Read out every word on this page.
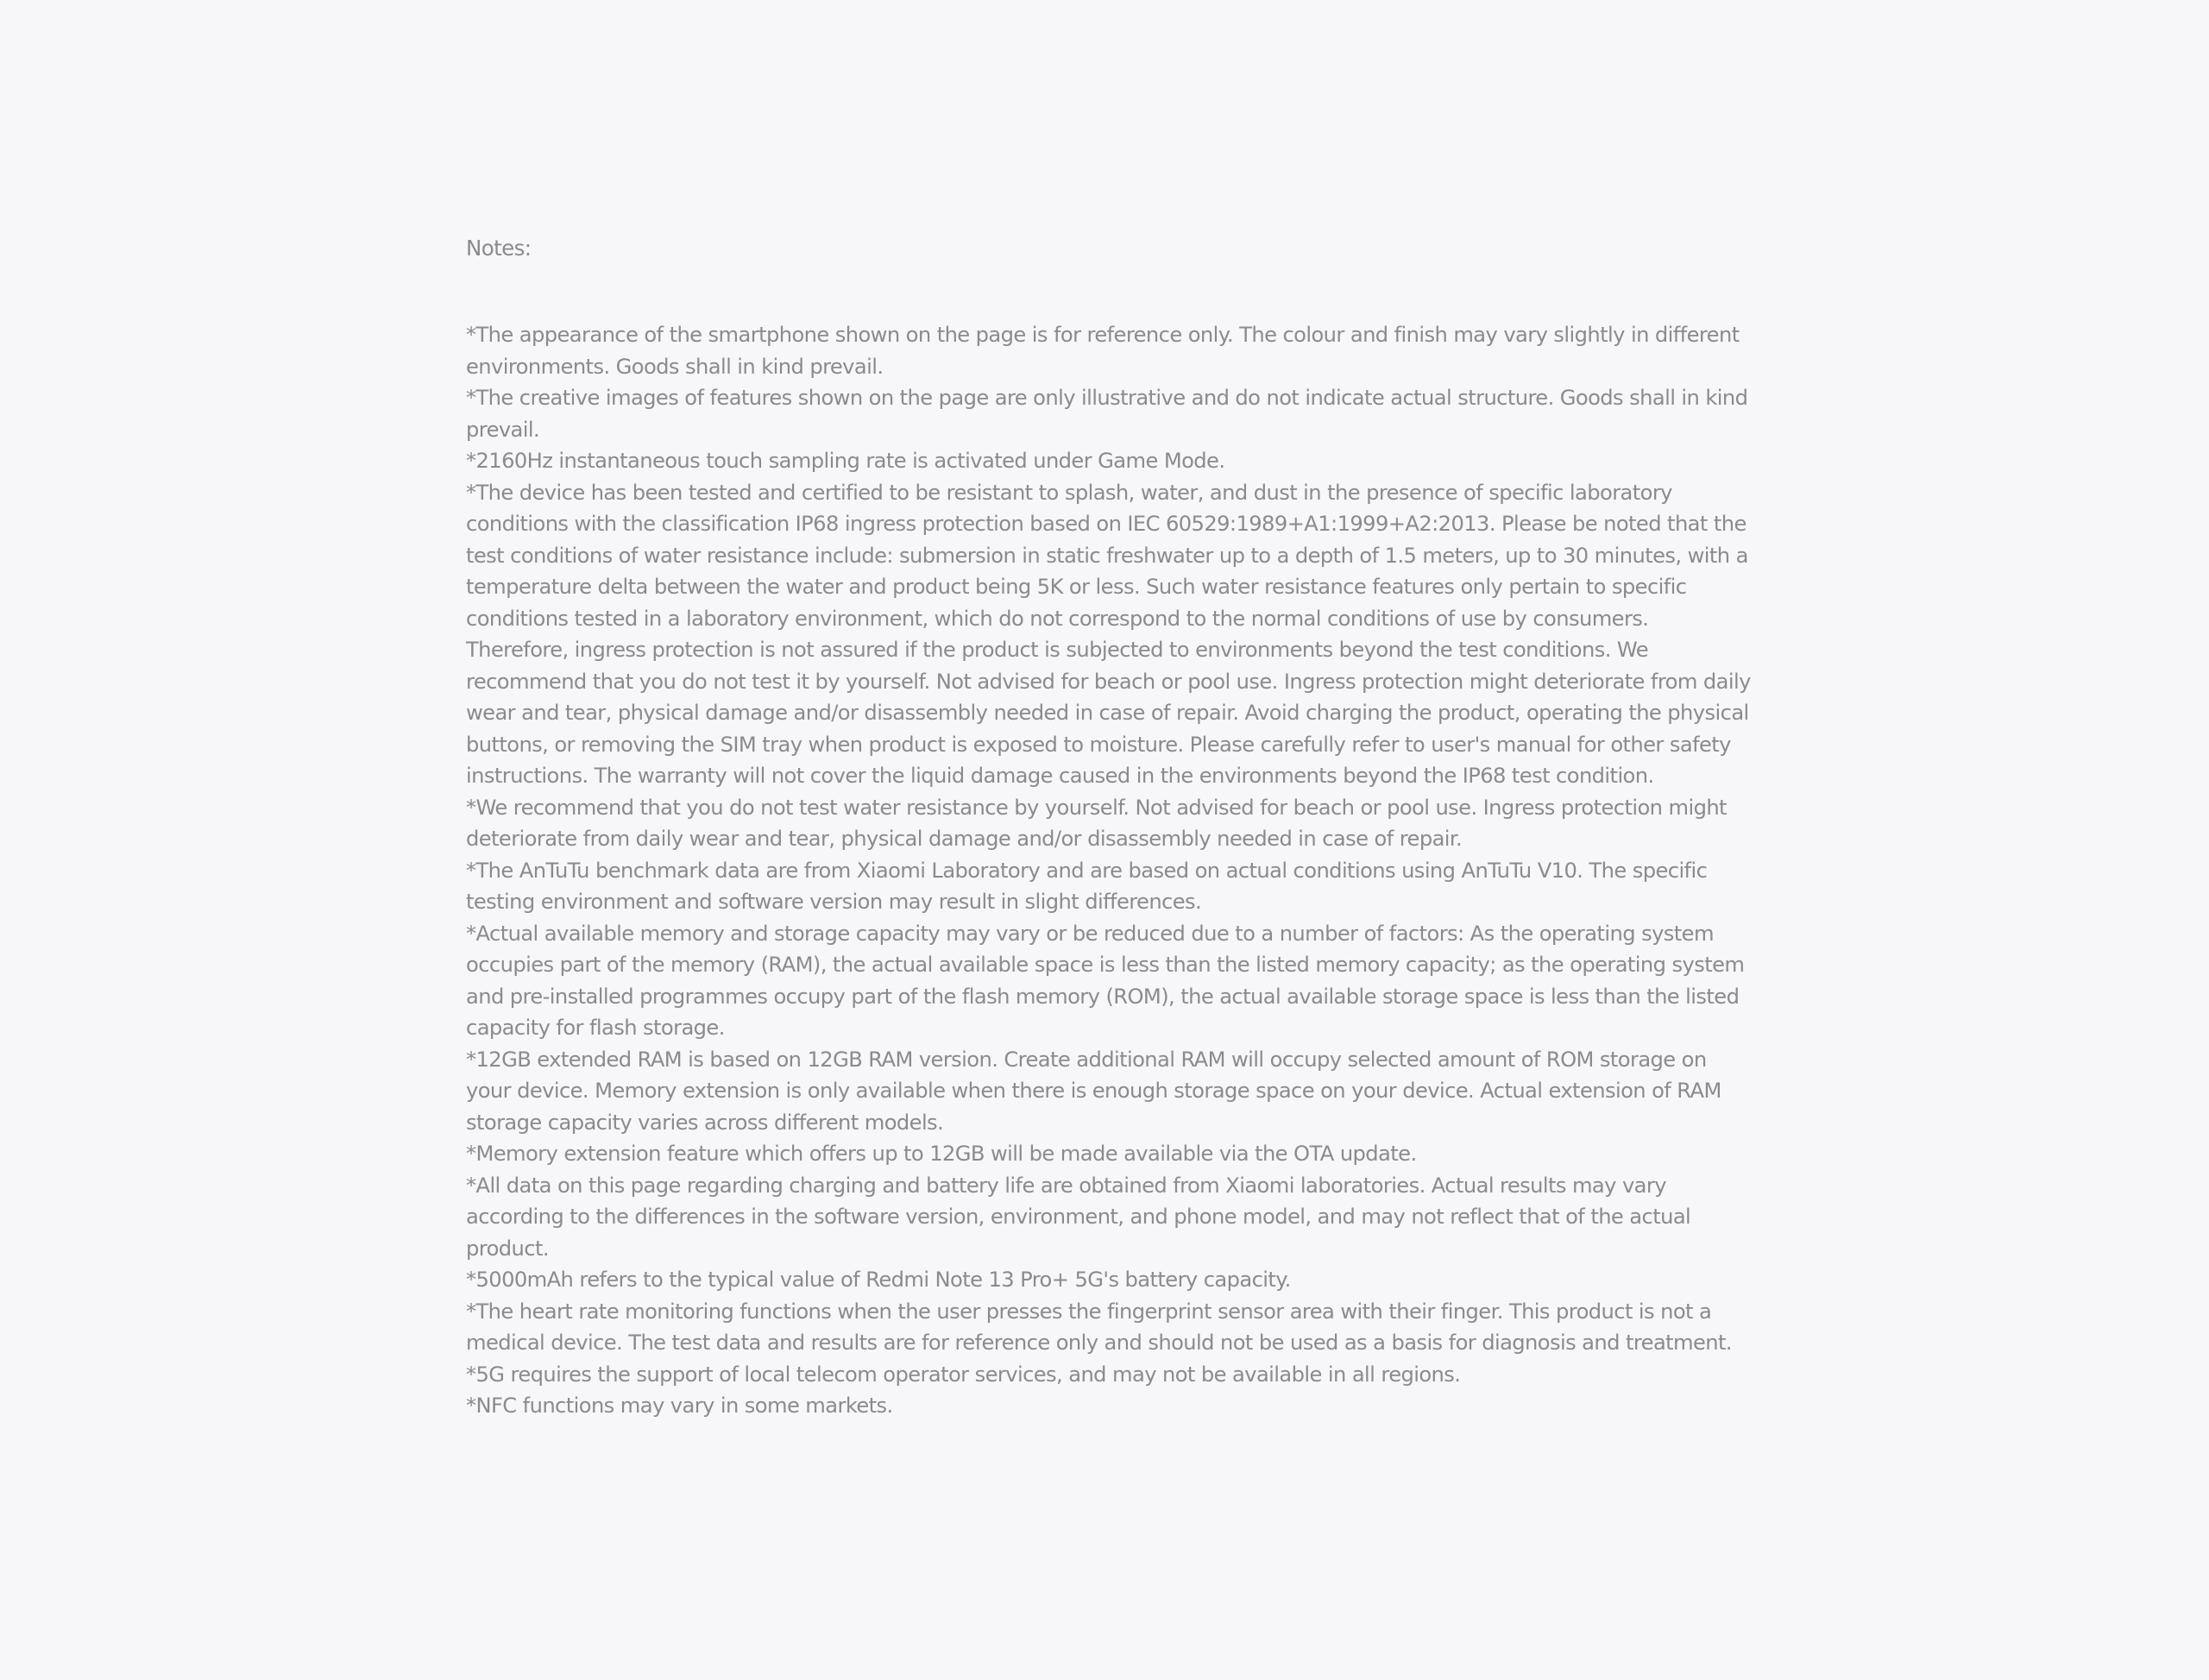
Notes:

*The appearance of the smartphone shown on the page is for reference only. The colour and finish may vary slightly in different environments. Goods shall in kind prevail.
*The creative images of features shown on the page are only illustrative and do not indicate actual structure. Goods shall in kind prevail.
*2160Hz instantaneous touch sampling rate is activated under Game Mode.
*The device has been tested and certified to be resistant to splash, water, and dust in the presence of specific laboratory conditions with the classification IP68 ingress protection based on IEC 60529:1989+A1:1999+A2:2013. Please be noted that the test conditions of water resistance include: submersion in static freshwater up to a depth of 1.5 meters, up to 30 minutes, with a temperature delta between the water and product being 5K or less. Such water resistance features only pertain to specific conditions tested in a laboratory environment, which do not correspond to the normal conditions of use by consumers. Therefore, ingress protection is not assured if the product is subjected to environments beyond the test conditions. We recommend that you do not test it by yourself. Not advised for beach or pool use. Ingress protection might deteriorate from daily wear and tear, physical damage and/or disassembly needed in case of repair. Avoid charging the product, operating the physical buttons, or removing the SIM tray when product is exposed to moisture. Please carefully refer to user's manual for other safety instructions. The warranty will not cover the liquid damage caused in the environments beyond the IP68 test condition.
*We recommend that you do not test water resistance by yourself. Not advised for beach or pool use. Ingress protection might deteriorate from daily wear and tear, physical damage and/or disassembly needed in case of repair.
*The AnTuTu benchmark data are from Xiaomi Laboratory and are based on actual conditions using AnTuTu V10. The specific testing environment and software version may result in slight differences.
*Actual available memory and storage capacity may vary or be reduced due to a number of factors: As the operating system occupies part of the memory (RAM), the actual available space is less than the listed memory capacity; as the operating system and pre-installed programmes occupy part of the flash memory (ROM), the actual available storage space is less than the listed capacity for flash storage.
*12GB extended RAM is based on 12GB RAM version. Create additional RAM will occupy selected amount of ROM storage on your device. Memory extension is only available when there is enough storage space on your device. Actual extension of RAM storage capacity varies across different models.
*Memory extension feature which offers up to 12GB will be made available via the OTA update.
*All data on this page regarding charging and battery life are obtained from Xiaomi laboratories. Actual results may vary according to the differences in the software version, environment, and phone model, and may not reflect that of the actual product.
*5000mAh refers to the typical value of Redmi Note 13 Pro+ 5G's battery capacity.
*The heart rate monitoring functions when the user presses the fingerprint sensor area with their finger. This product is not a medical device. The test data and results are for reference only and should not be used as a basis for diagnosis and treatment.
*5G requires the support of local telecom operator services, and may not be available in all regions.
*NFC functions may vary in some markets.
